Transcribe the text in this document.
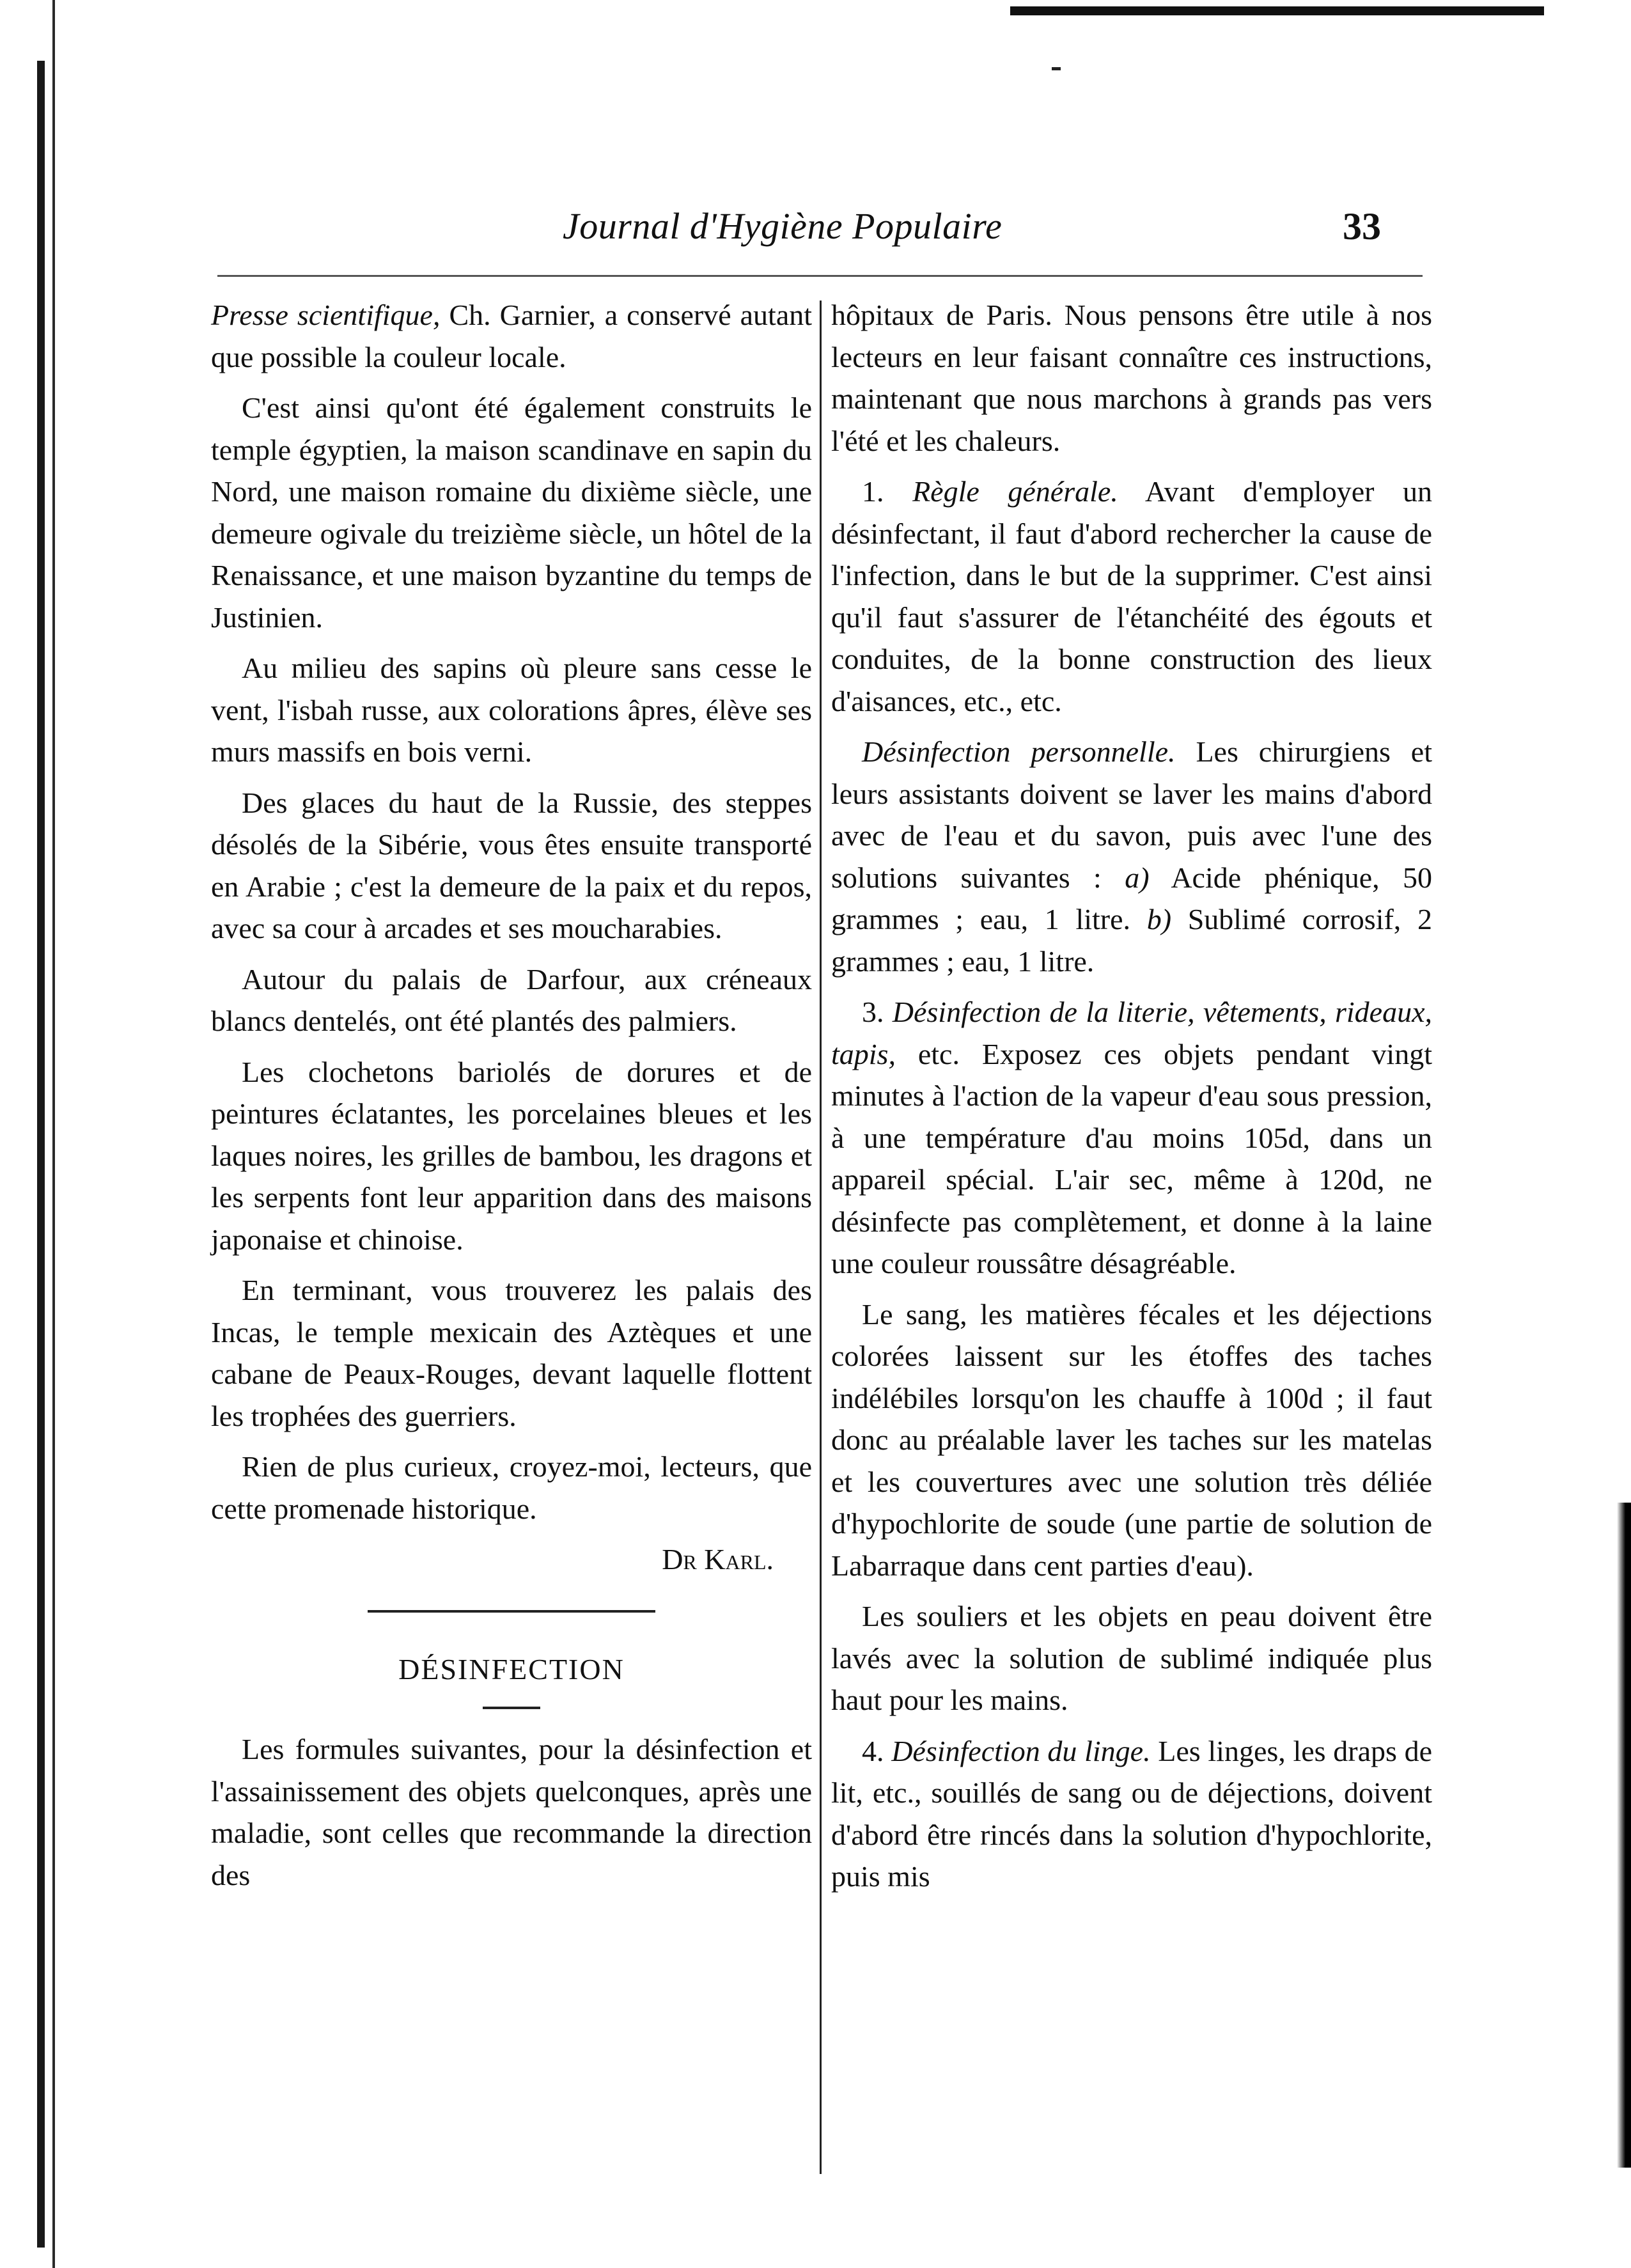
Journal d'Hygiène Populaire	33

Presse scientifique, Ch. Garnier, a conservé autant que possible la couleur locale.

C'est ainsi qu'ont été également construits le temple égyptien, la maison scandinave en sapin du Nord, une maison romaine du dixième siècle, une demeure ogivale du treizième siècle, un hôtel de la Renaissance, et une maison byzantine du temps de Justinien.

Au milieu des sapins où pleure sans cesse le vent, l'isbah russe, aux colorations âpres, élève ses murs massifs en bois verni.

Des glaces du haut de la Russie, des steppes désolés de la Sibérie, vous êtes ensuite transporté en Arabie ; c'est la demeure de la paix et du repos, avec sa cour à arcades et ses moucharabies.

Autour du palais de Darfour, aux créneaux blancs dentelés, ont été plantés des palmiers.

Les clochetons bariolés de dorures et de peintures éclatantes, les porcelaines bleues et les laques noires, les grilles de bambou, les dragons et les serpents font leur apparition dans des maisons japonaise et chinoise.

En terminant, vous trouverez les palais des Incas, le temple mexicain des Aztèques et une cabane de Peaux-Rouges, devant laquelle flottent les trophées des guerriers.

Rien de plus curieux, croyez-moi, lecteurs, que cette promenade historique.

Dr Karl.

DÉSINFECTION

Les formules suivantes, pour la désinfection et l'assainissement des objets quelconques, après une maladie, sont celles que recommande la direction des

hôpitaux de Paris. Nous pensons être utile à nos lecteurs en leur faisant connaître ces instructions, maintenant que nous marchons à grands pas vers l'été et les chaleurs.

1. Règle générale. Avant d'employer un désinfectant, il faut d'abord rechercher la cause de l'infection, dans le but de la supprimer. C'est ainsi qu'il faut s'assurer de l'étanchéité des égouts et conduites, de la bonne construction des lieux d'aisances, etc., etc.

Désinfection personnelle. Les chirurgiens et leurs assistants doivent se laver les mains d'abord avec de l'eau et du savon, puis avec l'une des solutions suivantes : a) Acide phénique, 50 grammes ; eau, 1 litre. b) Sublimé corrosif, 2 grammes ; eau, 1 litre.

3. Désinfection de la literie, vêtements, rideaux, tapis, etc. Exposez ces objets pendant vingt minutes à l'action de la vapeur d'eau sous pression, à une température d'au moins 105d, dans un appareil spécial. L'air sec, même à 120d, ne désinfecte pas complètement, et donne à la laine une couleur roussâtre désagréable.

Le sang, les matières fécales et les déjections colorées laissent sur les étoffes des taches indélébiles lorsqu'on les chauffe à 100d ; il faut donc au préalable laver les taches sur les matelas et les couvertures avec une solution très déliée d'hypochlorite de soude (une partie de solution de Labarraque dans cent parties d'eau).

Les souliers et les objets en peau doivent être lavés avec la solution de sublimé indiquée plus haut pour les mains.

4. Désinfection du linge. Les linges, les draps de lit, etc., souillés de sang ou de déjections, doivent d'abord être rincés dans la solution d'hypochlorite, puis mis
